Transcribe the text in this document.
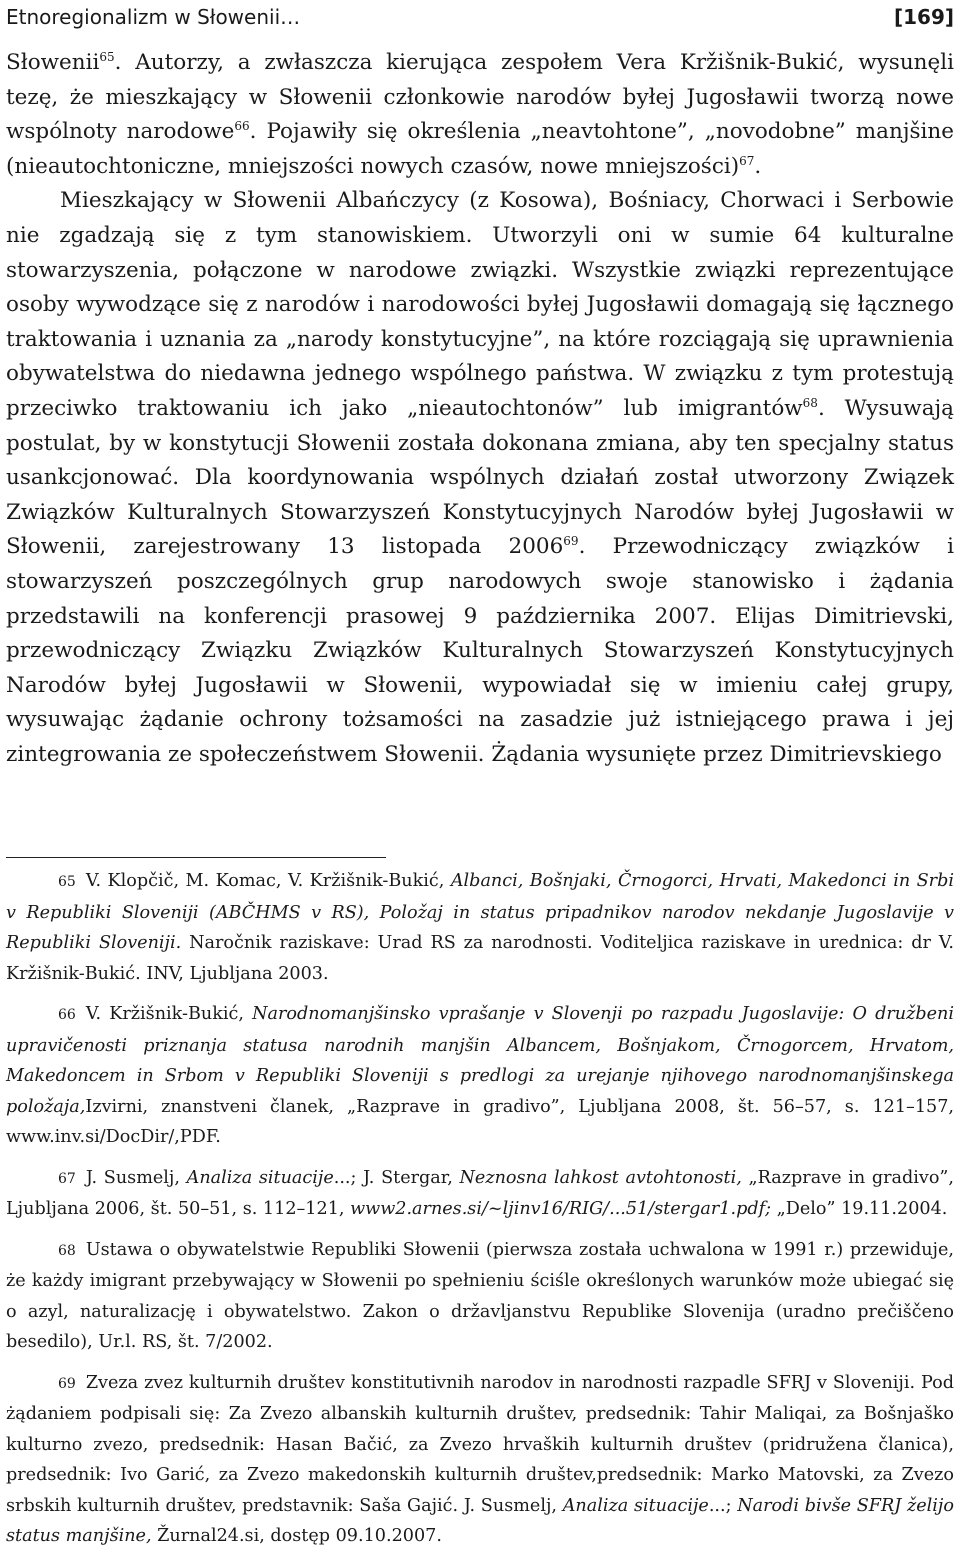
Etnoregionalizm w Słowenii…	[169]

Słowenii$^{65}$. Autorzy, a zwłaszcza kierująca zespołem Vera Kržišnik-Bukić, wysunęli tezę, że mieszkający w Słowenii członkowie narodów byłej Jugosławii tworzą nowe wspólnoty narodowe$^{66}$. Pojawiły się określenia „neavtohtone”, „novodobne” manjšine (nieautochtoniczne, mniejszości nowych czasów, nowe mniejszości)$^{67}$.

Mieszkający w Słowenii Albańczycy (z Kosowa), Bośniacy, Chorwaci i Serbowie nie zgadzają się z tym stanowiskiem. Utworzyli oni w sumie 64 kulturalne stowarzyszenia, połączone w narodowe związki. Wszystkie związki reprezentujące osoby wywodzące się z narodów i narodowości byłej Jugosławii domagają się łącznego traktowania i uznania za „narody konstytucyjne”, na które rozciągają się uprawnienia obywatelstwa do niedawna jednego wspólnego państwa. W związku z tym protestują przeciwko traktowaniu ich jako „nieautochtonów” lub imigrantów$^{68}$. Wysuwają postulat, by w konstytucji Słowenii została dokonana zmiana, aby ten specjalny status usankcjonować. Dla koordynowania wspólnych działań został utworzony Związek Związków Kulturalnych Stowarzyszeń Konstytucyjnych Narodów byłej Jugosławii w Słowenii, zarejestrowany 13 listopada 2006$^{69}$. Przewodniczący związków i stowarzyszeń poszczególnych grup narodowych swoje stanowisko i żądania przedstawili na konferencji prasowej 9 października 2007. Elijas Dimitrievski, przewodniczący Związku Związków Kulturalnych Stowarzyszeń Konstytucyjnych Narodów byłej Jugosławii w Słowenii, wypowiadał się w imieniu całej grupy, wysuwając żądanie ochrony tożsamości na zasadzie już istniejącego prawa i jej zintegrowania ze społeczeństwem Słowenii. Żądania wysunięte przez Dimitrievskiego

65 V. Klopčič, M. Komac, V. Kržišnik-Bukić, Albanci, Bošnjaki, Črnogorci, Hrvati, Makedonci in Srbi v Republiki Sloveniji (ABČHMS v RS), Položaj in status pripadnikov narodov nekdanje Jugoslavije v Republiki Sloveniji. Naročnik raziskave: Urad RS za narodnosti. Voditeljica raziskave in urednica: dr V. Kržišnik-Bukić. INV, Ljubljana 2003.

66 V. Kržišnik-Bukić, Narodnomanjšinsko vprašanje v Slovenji po razpadu Jugoslavije: O družbeni upravičenosti priznanja statusa narodnih manjšin Albancem, Bošnjakom, Črnogorcem, Hrvatom, Makedoncem in Srbom v Republiki Sloveniji s predlogi za urejanje njihovego narodnomanjšinskega položaja,Izvirni, znanstveni članek, „Razprave in gradivo”, Ljubljana 2008, št. 56–57, s. 121–157, www.inv.si/DocDir/,PDF.

67 J. Susmelj, Analiza situacije...; J. Stergar, Neznosna lahkost avtohtonosti, „Razprave in gradivo”, Ljubljana 2006, št. 50–51, s. 112–121, www2.arnes.si/~ljinv16/RIG/...51/stergar1.pdf; „Delo” 19.11.2004.

68 Ustawa o obywatelstwie Republiki Słowenii (pierwsza została uchwalona w 1991 r.) przewiduje, że każdy imigrant przebywający w Słowenii po spełnieniu ściśle określonych warunków może ubiegać się o azyl, naturalizację i obywatelstwo. Zakon o državljanstvu Republike Slovenija (uradno prečiščeno besedilo), Ur.l. RS, št. 7/2002.

69 Zveza zvez kulturnih društev konstitutivnih narodov in narodnosti razpadle SFRJ v Sloveniji. Pod żądaniem podpisali się: Za Zvezo albanskih kulturnih društev, predsednik: Tahir Maliqai, za Bošnjaško kulturno zvezo, predsednik: Hasan Bačić, za Zvezo hrvaških kulturnih društev (pridružena članica), predsednik: Ivo Garić, za Zvezo makedonskih kulturnih društev,predsednik: Marko Matovski, za Zvezo srbskih kulturnih društev, predstavnik: Saša Gajić. J. Susmelj, Analiza situacije...; Narodi bivše SFRJ želijo status manjšine, Žurnal24.si, dostęp 09.10.2007.
